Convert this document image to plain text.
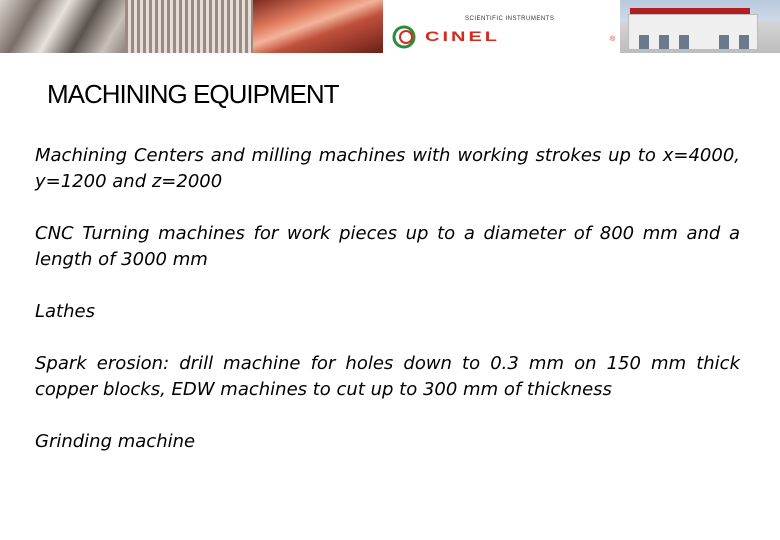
SCIENTIFIC INSTRUMENTS
CINEL	®
MACHINING EQUIPMENT
Machining Centers and milling machines with working strokes up to x=4000, y=1200 and z=2000
CNC Turning machines for work pieces up to a diameter of 800 mm and a length of 3000 mm
Lathes
Spark erosion: drill machine for holes down to 0.3 mm on 150 mm thick copper blocks, EDW machines to cut up to 300 mm of thickness
Grinding machine
